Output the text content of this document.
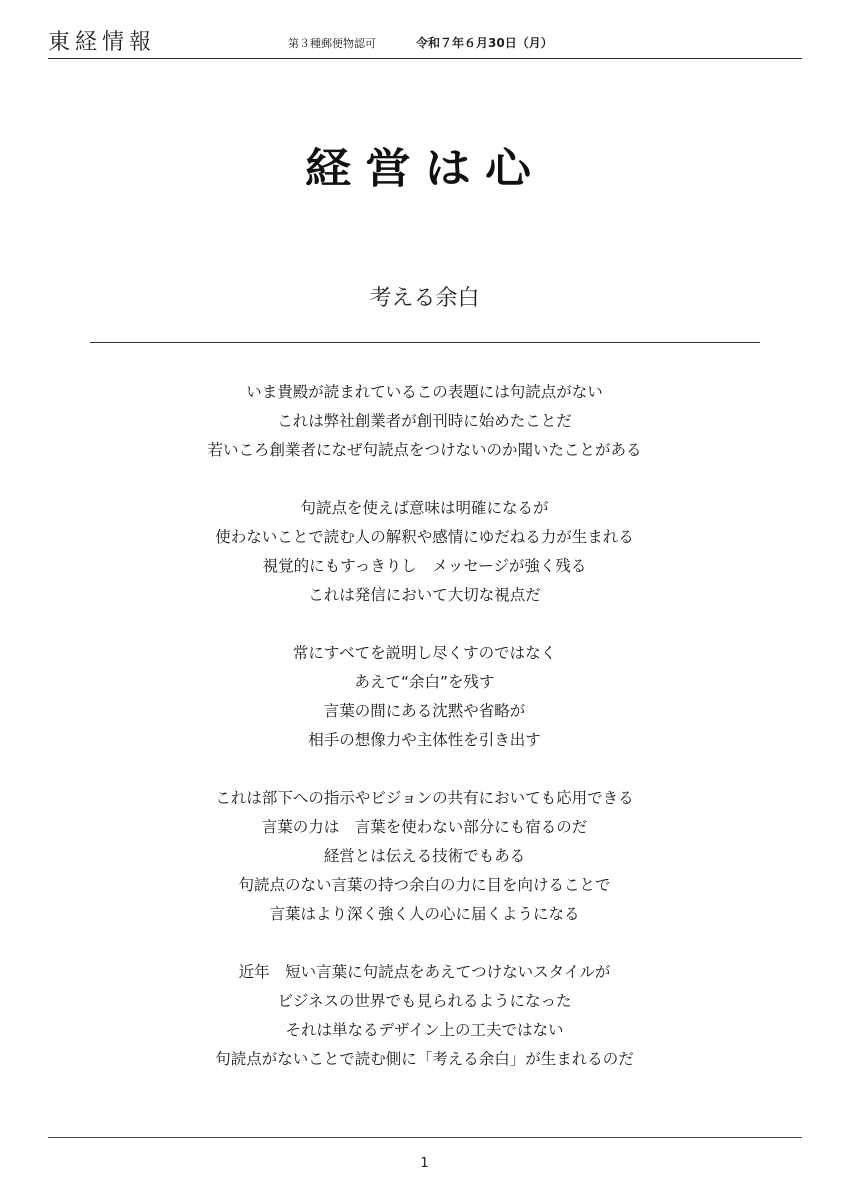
東経情報	第３種郵便物認可	令和７年６月30日（月）
経営は心
考える余白
いま貴殿が読まれているこの表題には句読点がない
これは弊社創業者が創刊時に始めたことだ
若いころ創業者になぜ句読点をつけないのか聞いたことがある
句読点を使えば意味は明確になるが
使わないことで読む人の解釈や感情にゆだねる力が生まれる
視覚的にもすっきりし　メッセージが強く残る
これは発信において大切な視点だ
常にすべてを説明し尽くすのではなく
あえて“余白”を残す
言葉の間にある沈黙や省略が
相手の想像力や主体性を引き出す
これは部下への指示やビジョンの共有においても応用できる
言葉の力は　言葉を使わない部分にも宿るのだ
経営とは伝える技術でもある
句読点のない言葉の持つ余白の力に目を向けることで
言葉はより深く強く人の心に届くようになる
近年　短い言葉に句読点をあえてつけないスタイルが
ビジネスの世界でも見られるようになった
それは単なるデザイン上の工夫ではない
句読点がないことで読む側に「考える余白」が生まれるのだ
1
